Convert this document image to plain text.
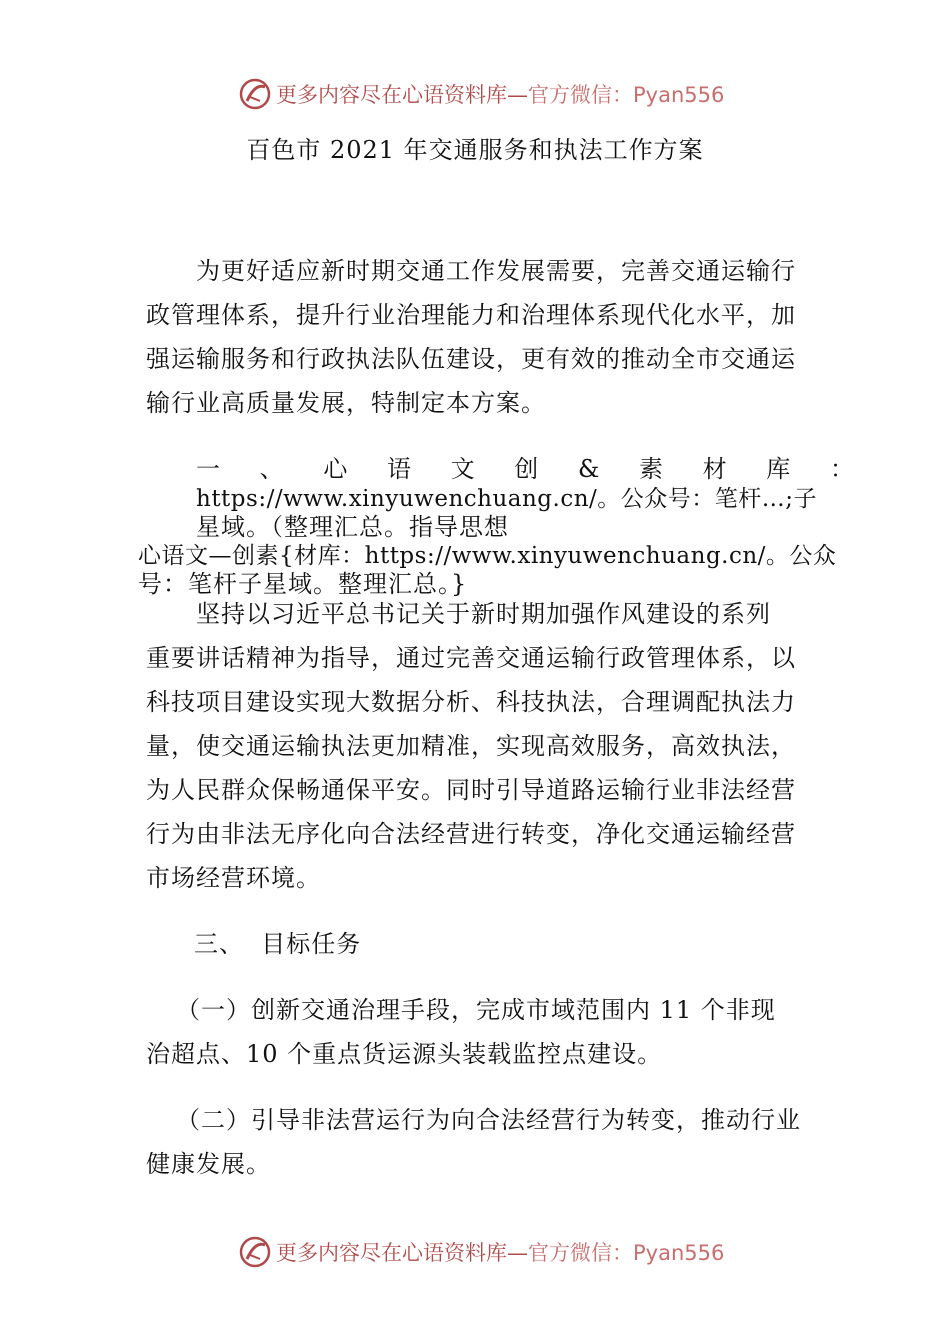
更多内容尽在心语资料库—官方微信：Pyan556
百色市 2021 年交通服务和执法工作方案
为更好适应新时期交通工作发展需要，完善交通运输行
政管理体系，提升行业治理能力和治理体系现代化水平，加
强运输服务和行政执法队伍建设，更有效的推动全市交通运
输行业高质量发展，特制定本方案。
一 、 心 语 文 创 & 素 材 库 ：
https://www.xinyuwenchuang.cn/。公众号：笔杆…;子
星域。（整理汇总。指导思想
心语文—创素{材库：https://www.xinyuwenchuang.cn/。公众
号：笔杆子星域。整理汇总。}
坚持以习近平总书记关于新时期加强作风建设的系列
重要讲话精神为指导，通过完善交通运输行政管理体系，以
科技项目建设实现大数据分析、科技执法，合理调配执法力
量，使交通运输执法更加精准，实现高效服务，高效执法，
为人民群众保畅通保平安。同时引导道路运输行业非法经营
行为由非法无序化向合法经营进行转变，净化交通运输经营
市场经营环境。
三、  目标任务
（一）创新交通治理手段，完成市域范围内 11 个非现
治超点、10 个重点货运源头装载监控点建设。
（二）引导非法营运行为向合法经营行为转变，推动行业
健康发展。
更多内容尽在心语资料库—官方微信：Pyan556
